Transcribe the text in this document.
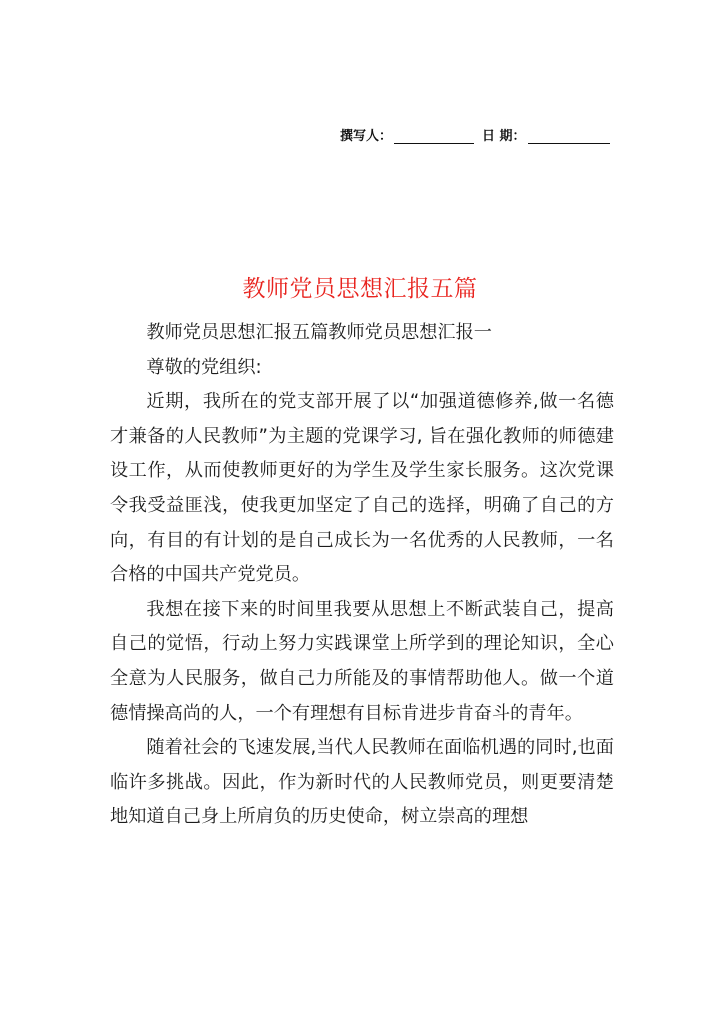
撰写人：	日 期：
教师党员思想汇报五篇

教师党员思想汇报五篇教师党员思想汇报一

尊敬的党组织:

近期，我所在的党支部开展了以“加强道德修养,做一名德才兼备的人民教师”为主题的党课学习, 旨在强化教师的师德建设工作，从而使教师更好的为学生及学生家长服务。这次党课令我受益匪浅，使我更加坚定了自己的选择，明确了自己的方向，有目的有计划的是自己成长为一名优秀的人民教师，一名合格的中国共产党党员。

我想在接下来的时间里我要从思想上不断武装自己，提高自己的觉悟，行动上努力实践课堂上所学到的理论知识，全心全意为人民服务，做自己力所能及的事情帮助他人。做一个道德情操高尚的人，一个有理想有目标肯进步肯奋斗的青年。

随着社会的飞速发展,当代人民教师在面临机遇的同时,也面临许多挑战。因此，作为新时代的人民教师党员，则更要清楚地知道自己身上所肩负的历史使命，树立崇高的理想
